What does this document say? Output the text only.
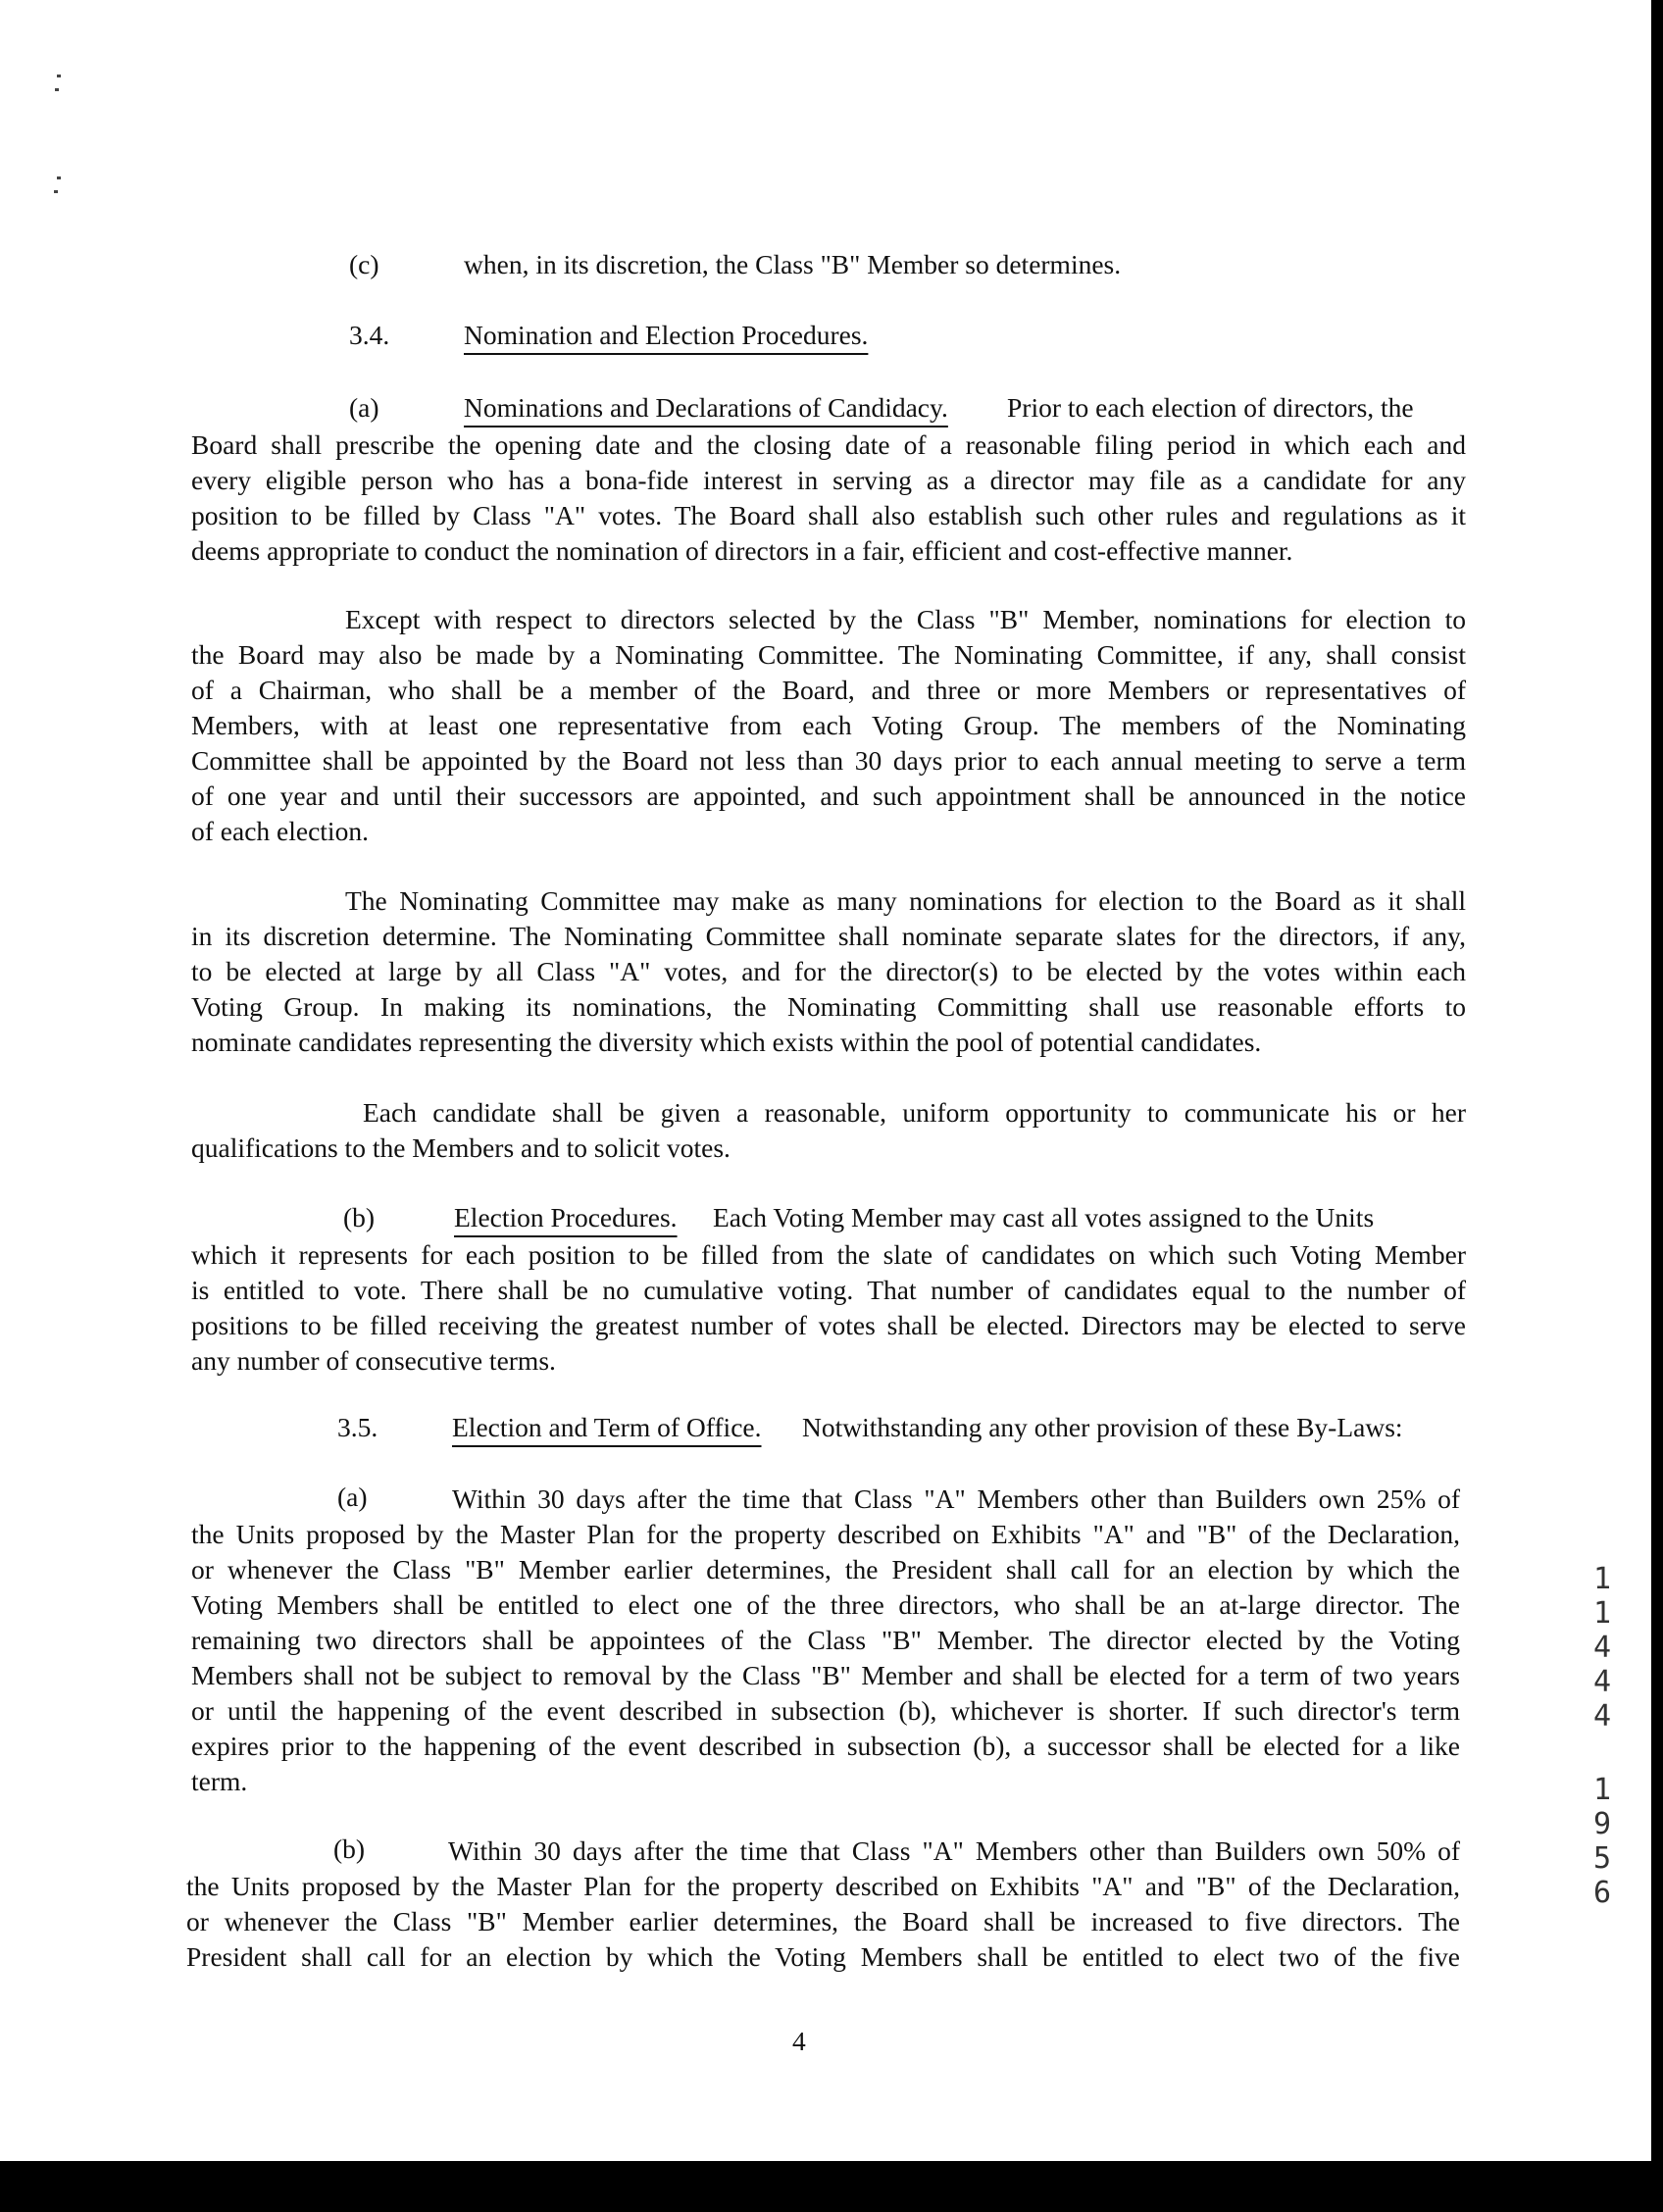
(c)	when, in its discretion, the Class "B" Member so determines.
3.4.	Nomination and Election Procedures.
(a)	Nominations and Declarations of Candidacy. Prior to each election of directors, the
Board shall prescribe the opening date and the closing date of a reasonable filing period in which each and
every eligible person who has a bona-fide interest in serving as a director may file as a candidate for any
position to be filled by Class "A" votes. The Board shall also establish such other rules and regulations as it
deems appropriate to conduct the nomination of directors in a fair, efficient and cost-effective manner.
Except with respect to directors selected by the Class "B" Member, nominations for election to
the Board may also be made by a Nominating Committee. The Nominating Committee, if any, shall consist
of a Chairman, who shall be a member of the Board, and three or more Members or representatives of
Members, with at least one representative from each Voting Group. The members of the Nominating
Committee shall be appointed by the Board not less than 30 days prior to each annual meeting to serve a term
of one year and until their successors are appointed, and such appointment shall be announced in the notice
of each election.
The Nominating Committee may make as many nominations for election to the Board as it shall
in its discretion determine. The Nominating Committee shall nominate separate slates for the directors, if any,
to be elected at large by all Class "A" votes, and for the director(s) to be elected by the votes within each
Voting Group. In making its nominations, the Nominating Committing shall use reasonable efforts to
nominate candidates representing the diversity which exists within the pool of potential candidates.
Each candidate shall be given a reasonable, uniform opportunity to communicate his or her
qualifications to the Members and to solicit votes.
(b)	Election Procedures. Each Voting Member may cast all votes assigned to the Units
which it represents for each position to be filled from the slate of candidates on which such Voting Member
is entitled to vote. There shall be no cumulative voting. That number of candidates equal to the number of
positions to be filled receiving the greatest number of votes shall be elected. Directors may be elected to serve
any number of consecutive terms.
3.5.	Election and Term of Office. Notwithstanding any other provision of these By-Laws:
(a)	Within 30 days after the time that Class "A" Members other than Builders own 25% of
the Units proposed by the Master Plan for the property described on Exhibits "A" and "B" of the Declaration,
or whenever the Class "B" Member earlier determines, the President shall call for an election by which the
Voting Members shall be entitled to elect one of the three directors, who shall be an at-large director. The
remaining two directors shall be appointees of the Class "B" Member. The director elected by the Voting
Members shall not be subject to removal by the Class "B" Member and shall be elected for a term of two years
or until the happening of the event described in subsection (b), whichever is shorter. If such director's term
expires prior to the happening of the event described in subsection (b), a successor shall be elected for a like
term.
(b)	Within 30 days after the time that Class "A" Members other than Builders own 50% of
the Units proposed by the Master Plan for the property described on Exhibits "A" and "B" of the Declaration,
or whenever the Class "B" Member earlier determines, the Board shall be increased to five directors. The
President shall call for an election by which the Voting Members shall be entitled to elect two of the five
4
1
1
4
4
4
1
9
5
6
